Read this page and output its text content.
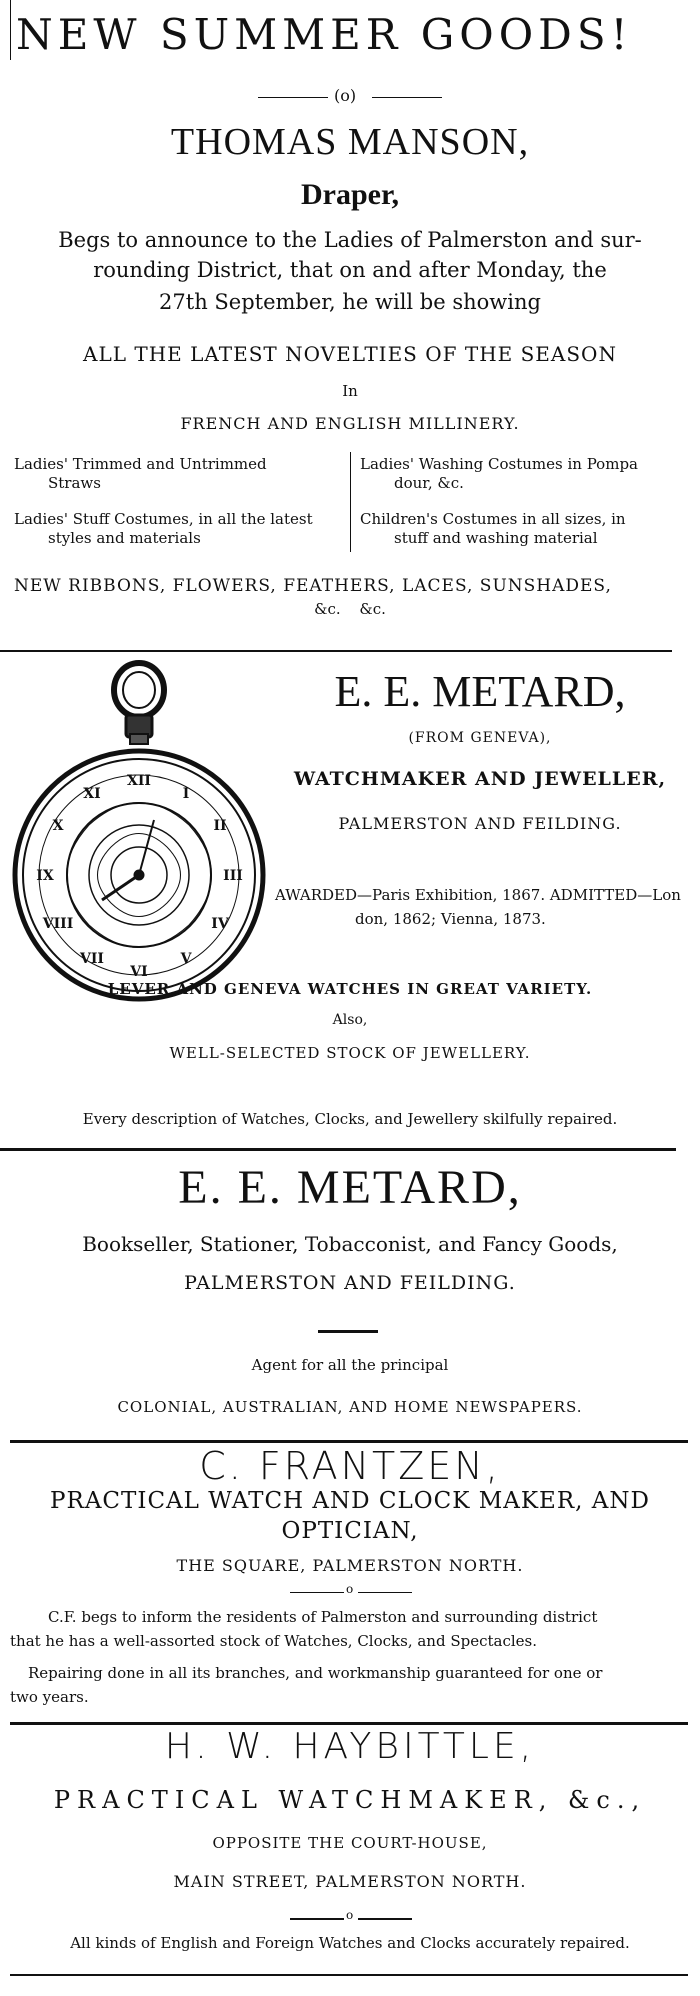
NEW SUMMER GOODS!
(o)
THOMAS MANSON,
Draper,
Begs to announce to the Ladies of Palmerston and sur-
rounding District, that on and after Monday, the
27th September, he will be showing
ALL THE LATEST NOVELTIES OF THE SEASON
In
FRENCH AND ENGLISH MILLINERY.
Ladies' Trimmed and Untrimmed
Straws
Ladies' Stuff Costumes, in all the latest
styles and materials
Ladies' Washing Costumes in Pompa
dour, &c.
Children's Costumes in all sizes, in
stuff and washing material
NEW RIBBONS, FLOWERS, FEATHERS, LACES, SUNSHADES,
&c. &c.
XII
I
II
III
IV
V
VI
VII
VIII
IX
X
XI
E. E. METARD,
(FROM GENEVA),
WATCHMAKER AND JEWELLER,
PALMERSTON AND FEILDING.
AWARDED—Paris Exhibition, 1867. ADMITTED—Lon
don, 1862; Vienna, 1873.
LEVER AND GENEVA WATCHES IN GREAT VARIETY.
Also,
WELL-SELECTED STOCK OF JEWELLERY.
Every description of Watches, Clocks, and Jewellery skilfully repaired.
E. E. METARD,
Bookseller, Stationer, Tobacconist, and Fancy Goods,
PALMERSTON AND FEILDING.
Agent for all the principal
COLONIAL, AUSTRALIAN, AND HOME NEWSPAPERS.
C. FRANTZEN,
PRACTICAL WATCH AND CLOCK MAKER, AND
OPTICIAN,
THE SQUARE, PALMERSTON NORTH.
o
C.F. begs to inform the residents of Palmerston and surrounding district
that he has a well-assorted stock of Watches, Clocks, and Spectacles.
Repairing done in all its branches, and workmanship guaranteed for one or
two years.
H. W. HAYBITTLE,
PRACTICAL WATCHMAKER, &c.,
OPPOSITE THE COURT-HOUSE,
MAIN STREET, PALMERSTON NORTH.
o
All kinds of English and Foreign Watches and Clocks accurately repaired.
